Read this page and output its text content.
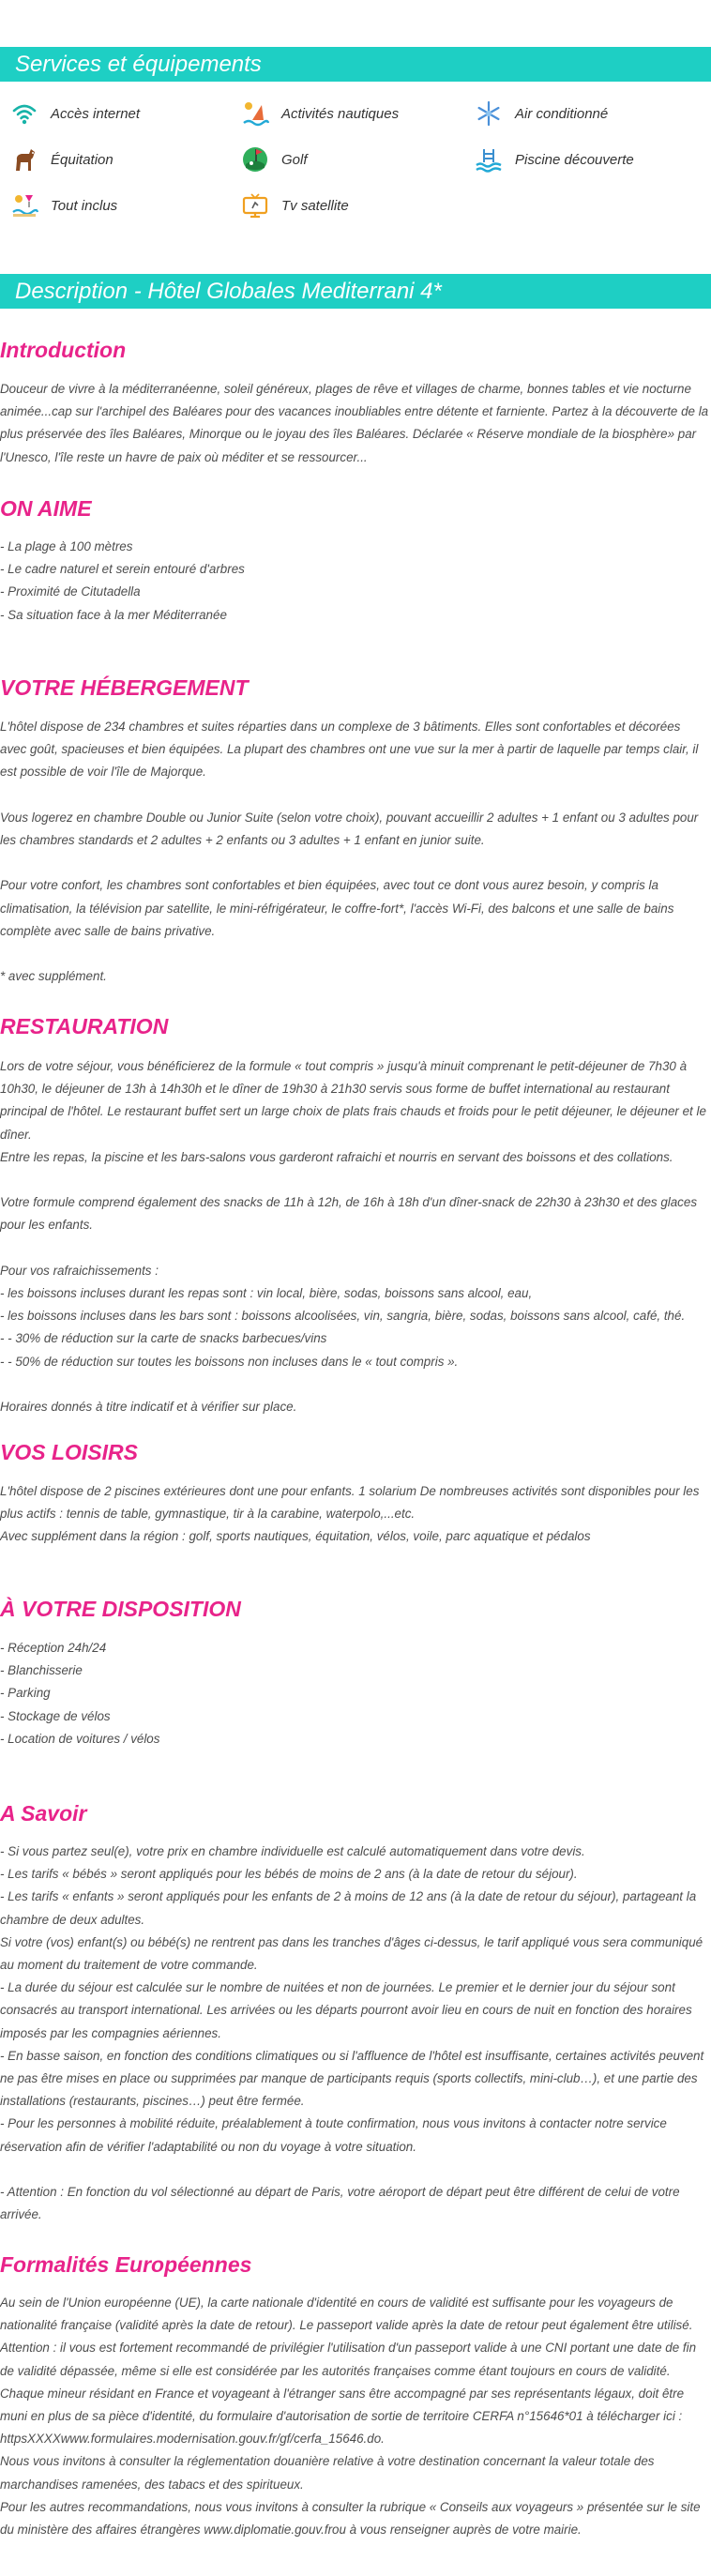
Services et équipements
Accès internet	Activités nautiques	Air conditionné
Équitation	Golf	Piscine découverte
Tout inclus	Tv satellite
Description - Hôtel Globales Mediterrani 4*
Introduction

Douceur de vivre à la méditerranéenne, soleil généreux, plages de rêve et villages de charme, bonnes tables et vie nocturne animée...cap sur l'archipel des Baléares pour des vacances inoubliables entre détente et farniente. Partez à la découverte de la plus préservée des îles Baléares, Minorque ou le joyau des îles Baléares. Déclarée « Réserve mondiale de la biosphère» par l'Unesco, l'île reste un havre de paix où méditer et se ressourcer...

ON AIME

- La plage à 100 mètres

- Le cadre naturel et serein entouré d'arbres

- Proximité de Citutadella

- Sa situation face à la mer Méditerranée

VOTRE HÉBERGEMENT

L'hôtel dispose de 234 chambres et suites réparties dans un complexe de 3 bâtiments. Elles sont confortables et décorées avec goût, spacieuses et bien équipées. La plupart des chambres ont une vue sur la mer à partir de laquelle par temps clair, il est possible de voir l'île de Majorque.

Vous logerez en chambre Double ou Junior Suite (selon votre choix), pouvant accueillir 2 adultes + 1 enfant ou 3 adultes pour les chambres standards et 2 adultes + 2 enfants ou 3 adultes + 1 enfant en junior suite.

Pour votre confort, les chambres sont confortables et bien équipées, avec tout ce dont vous aurez besoin, y compris la climatisation, la télévision par satellite, le mini-réfrigérateur, le coffre-fort*, l'accès Wi-Fi, des balcons et une salle de bains complète avec salle de bains privative.

* avec supplément.

RESTAURATION

Lors de votre séjour, vous bénéficierez de la formule « tout compris » jusqu'à minuit comprenant le petit-déjeuner de 7h30 à 10h30, le déjeuner de 13h à 14h30h et le dîner de 19h30 à 21h30 servis sous forme de buffet international au restaurant principal de l'hôtel. Le restaurant buffet sert un large choix de plats frais chauds et froids pour le petit déjeuner, le déjeuner et le dîner.

Entre les repas, la piscine et les bars-salons vous garderont rafraichi et nourris en servant des boissons et des collations.

Votre formule comprend également des snacks de 11h à 12h, de 16h à 18h d'un dîner-snack de 22h30 à 23h30 et des glaces pour les enfants.

Pour vos rafraichissements :

- les boissons incluses durant les repas sont : vin local, bière, sodas, boissons sans alcool, eau,

- les boissons incluses dans les bars sont : boissons alcoolisées, vin, sangria, bière, sodas, boissons sans alcool, café, thé.

- - 30% de réduction sur la carte de snacks barbecues/vins

- - 50% de réduction sur toutes les boissons non incluses dans le « tout compris ».

Horaires donnés à titre indicatif et à vérifier sur place.

VOS LOISIRS

L'hôtel dispose de 2 piscines extérieures dont une pour enfants. 1 solarium De nombreuses activités sont disponibles pour les plus actifs : tennis de table, gymnastique, tir à la carabine, waterpolo,...etc.

Avec supplément dans la région : golf, sports nautiques, équitation, vélos, voile, parc aquatique et pédalos

À VOTRE DISPOSITION

- Réception 24h/24

- Blanchisserie

- Parking

- Stockage de vélos

- Location de voitures / vélos

A Savoir

- Si vous partez seul(e), votre prix en chambre individuelle est calculé automatiquement dans votre devis.

- Les tarifs « bébés » seront appliqués pour les bébés de moins de 2 ans (à la date de retour du séjour).

- Les tarifs « enfants » seront appliqués pour les enfants de 2 à moins de 12 ans (à la date de retour du séjour), partageant la chambre de deux adultes.

Si votre (vos) enfant(s) ou bébé(s) ne rentrent pas dans les tranches d'âges ci-dessus, le tarif appliqué vous sera communiqué au moment du traitement de votre commande.

- La durée du séjour est calculée sur le nombre de nuitées et non de journées. Le premier et le dernier jour du séjour sont consacrés au transport international. Les arrivées ou les départs pourront avoir lieu en cours de nuit en fonction des horaires imposés par les compagnies aériennes.

- En basse saison, en fonction des conditions climatiques ou si l'affluence de l'hôtel est insuffisante, certaines activités peuvent ne pas être mises en place ou supprimées par manque de participants requis (sports collectifs, mini-club…), et une partie des installations (restaurants, piscines…) peut être fermée.

- Pour les personnes à mobilité réduite, préalablement à toute confirmation, nous vous invitons à contacter notre service réservation afin de vérifier l'adaptabilité ou non du voyage à votre situation.

- Attention : En fonction du vol sélectionné au départ de Paris, votre aéroport de départ peut être différent de celui de votre arrivée.

Formalités Européennes

Au sein de l'Union européenne (UE), la carte nationale d'identité en cours de validité est suffisante pour les voyageurs de nationalité française (validité après la date de retour). Le passeport valide après la date de retour peut également être utilisé. Attention : il vous est fortement recommandé de privilégier l'utilisation d'un passeport valide à une CNI portant une date de fin de validité dépassée, même si elle est considérée par les autorités françaises comme étant toujours en cours de validité. Chaque mineur résidant en France et voyageant à l'étranger sans être accompagné par ses représentants légaux, doit être muni en plus de sa pièce d'identité, du formulaire d'autorisation de sortie de territoire CERFA n°15646*01 à télécharger ici :

httpsXXXXwww.formulaires.modernisation.gouv.fr/gf/cerfa_15646.do.

Nous vous invitons à consulter la réglementation douanière relative à votre destination concernant la valeur totale des marchandises ramenées, des tabacs et des spiritueux.

Pour les autres recommandations, nous vous invitons à consulter la rubrique « Conseils aux voyageurs » présentée sur le site du ministère des affaires étrangères www.diplomatie.gouv.frou à vous renseigner auprès de votre mairie.
